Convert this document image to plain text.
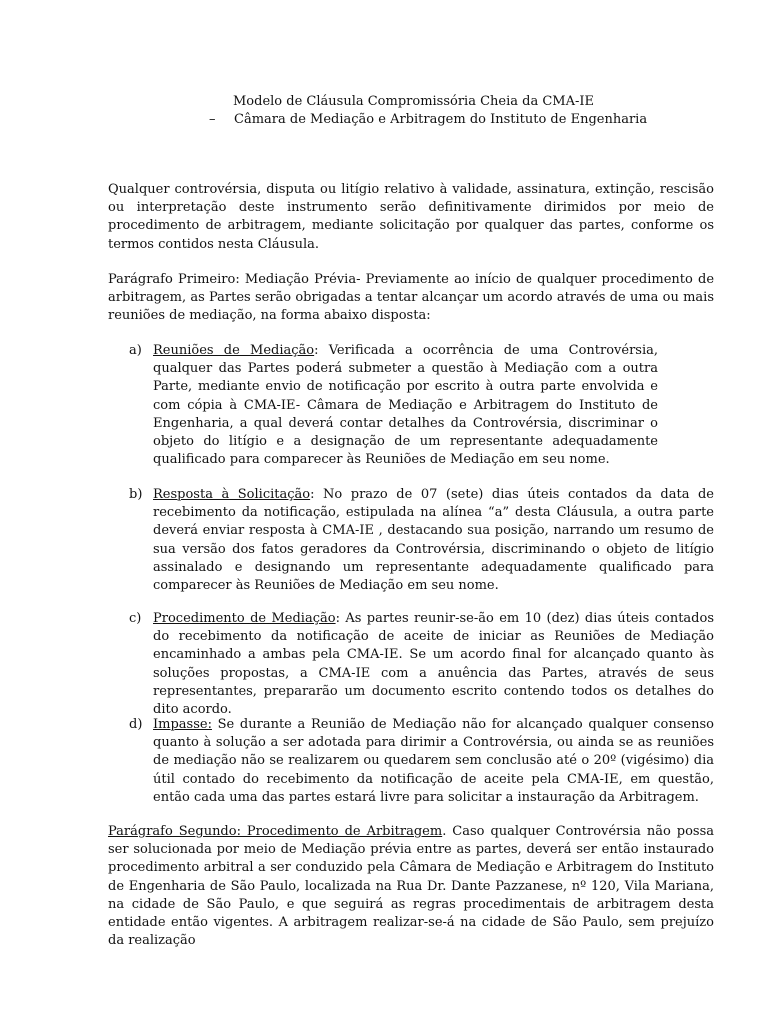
Modelo de Cláusula Compromissória Cheia da CMA-IE
– Câmara de Mediação e Arbitragem do Instituto de Engenharia

Qualquer controvérsia, disputa ou litígio relativo à validade, assinatura, extinção, rescisão ou interpretação deste instrumento serão definitivamente dirimidos por meio de procedimento de arbitragem, mediante solicitação por qualquer das partes, conforme os termos contidos nesta Cláusula.

Parágrafo Primeiro: Mediação Prévia- Previamente ao início de qualquer procedimento de arbitragem, as Partes serão obrigadas a tentar alcançar um acordo através de uma ou mais reuniões de mediação, na forma abaixo disposta:

a) Reuniões de Mediação: Verificada a ocorrência de uma Controvérsia, qualquer das Partes poderá submeter a questão à Mediação com a outra Parte, mediante envio de notificação por escrito à outra parte envolvida e com cópia à CMA-IE- Câmara de Mediação e Arbitragem do Instituto de Engenharia, a qual deverá contar detalhes da Controvérsia, discriminar o objeto do litígio e a designação de um representante adequadamente qualificado para comparecer às Reuniões de Mediação em seu nome.
b) Resposta à Solicitação: No prazo de 07 (sete) dias úteis contados da data de recebimento da notificação, estipulada na alínea “a” desta Cláusula, a outra parte deverá enviar resposta à CMA-IE , destacando sua posição, narrando um resumo de sua versão dos fatos geradores da Controvérsia, discriminando o objeto de litígio assinalado e designando um representante adequadamente qualificado para comparecer às Reuniões de Mediação em seu nome.
c) Procedimento de Mediação: As partes reunir-se-ão em 10 (dez) dias úteis contados do recebimento da notificação de aceite de iniciar as Reuniões de Mediação encaminhado a ambas pela CMA-IE. Se um acordo final for alcançado quanto às soluções propostas, a CMA-IE com a anuência das Partes, através de seus representantes, prepararão um documento escrito contendo todos os detalhes do dito acordo.
d) Impasse: Se durante a Reunião de Mediação não for alcançado qualquer consenso quanto à solução a ser adotada para dirimir a Controvérsia, ou ainda se as reuniões de mediação não se realizarem ou quedarem sem conclusão até o 20º (vigésimo) dia útil contado do recebimento da notificação de aceite pela CMA-IE, em questão, então cada uma das partes estará livre para solicitar a instauração da Arbitragem.

Parágrafo Segundo: Procedimento de Arbitragem. Caso qualquer Controvérsia não possa ser solucionada por meio de Mediação prévia entre as partes, deverá ser então instaurado procedimento arbitral a ser conduzido pela Câmara de Mediação e Arbitragem do Instituto de Engenharia de São Paulo, localizada na Rua Dr. Dante Pazzanese, nº 120, Vila Mariana, na cidade de São Paulo, e que seguirá as regras procedimentais de arbitragem desta entidade então vigentes. A arbitragem realizar-se-á na cidade de São Paulo, sem prejuízo da realização
